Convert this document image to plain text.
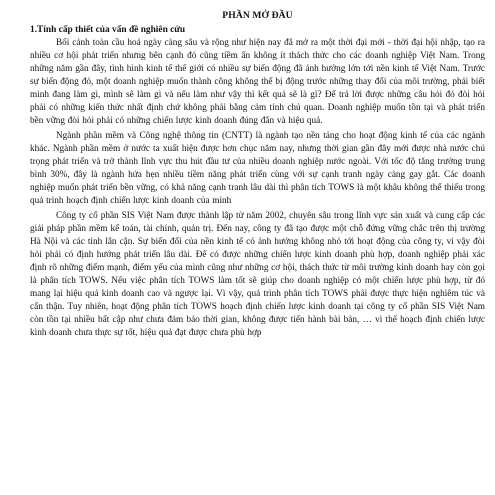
PHẦN MỞ ĐẦU
1.Tính cấp thiết của vấn đề nghiên cứu

Bối cảnh toàn cầu hoá ngày càng sâu và rộng như hiện nay đã mở ra một thời đại mới - thời đại hội nhập, tạo ra nhiều cơ hội phát triển nhưng bên cạnh đó cũng tiềm ẩn không ít thách thức cho các doanh nghiệp Việt Nam. Trong những năm gần đây, tình hình kinh tế thế giới có nhiều sự biến động đã ảnh hưởng lớn tới nền kinh tế Việt Nam. Trước sự biến động đó, một doanh nghiệp muốn thành công không thể bị động trước những thay đổi của môi trường, phải biết mình đang làm gì, mình sẽ làm gì và nếu làm như vậy thì kết quả sẽ là gì? Để trả lời được những câu hỏi đó đòi hỏi phải có những kiến thức nhất định chứ không phải bằng cảm tính chủ quan. Doanh nghiệp muốn tồn tại và phát triển bền vững đòi hỏi phải có những chiến lược kinh doanh đúng đắn và hiệu quả.

Ngành phần mềm và Công nghệ thông tin (CNTT) là ngành tạo nền tảng cho hoạt động kinh tế của các ngành khác. Ngành phần mềm ở nước ta xuất hiện được hơn chục năm nay, nhưng thời gian gần đây mới được nhà nước chú trọng phát triển và trở thành lĩnh vực thu hút đầu tư của nhiều doanh nghiệp nước ngoài. Với tốc độ tăng trưởng trung bình 30%, đây là ngành hứa hẹn nhiều tiềm năng phát triển cùng với sự cạnh tranh ngày càng gay gắt. Các doanh nghiệp muốn phát triển bền vững, có khả năng cạnh tranh lâu dài thì phân tích TOWS là một khâu không thể thiếu trong quá trình hoạch định chiến lược kinh doanh của mình

Công ty cổ phần SIS Việt Nam được thành lập từ năm 2002, chuyên sâu trong lĩnh vực sản xuất và cung cấp các giải pháp phần mềm kế toán, tài chính, quản trị. Đến nay, công ty đã tạo được một chỗ đứng vững chắc trên thị trường Hà Nội và các tỉnh lân cận. Sự biến đổi của nền kinh tế có ảnh hưởng không nhỏ tới hoạt động của công ty, vì vậy đòi hỏi phải có định hướng phát triển lâu dài. Để có được những chiến lược kinh doanh phù hợp, doanh nghiệp phải xác định rõ những điểm mạnh, điểm yếu của mình cũng như những cơ hội, thách thức từ môi trường kinh doanh hay còn gọi là phân tích TOWS. Nếu việc phân tích TOWS làm tốt sẽ giúp cho doanh nghiệp có một chiến lược phù hợp, từ đó mang lại hiệu quả kinh doanh cao và ngược lại. Vì vậy, quá trình phân tích TOWS phải được thực hiện nghiêm túc và cẩn thận. Tuy nhiên, hoạt động phân tích TOWS hoạch định chiến lược kinh doanh tại công ty cổ phần SIS Việt Nam còn tồn tại nhiều bất cập như chưa đảm bảo thời gian, không được tiến hành bài bản, … vì thế hoạch định chiến lược kinh doanh chưa thực sự tốt, hiệu quả đạt được chưa phù hợp
